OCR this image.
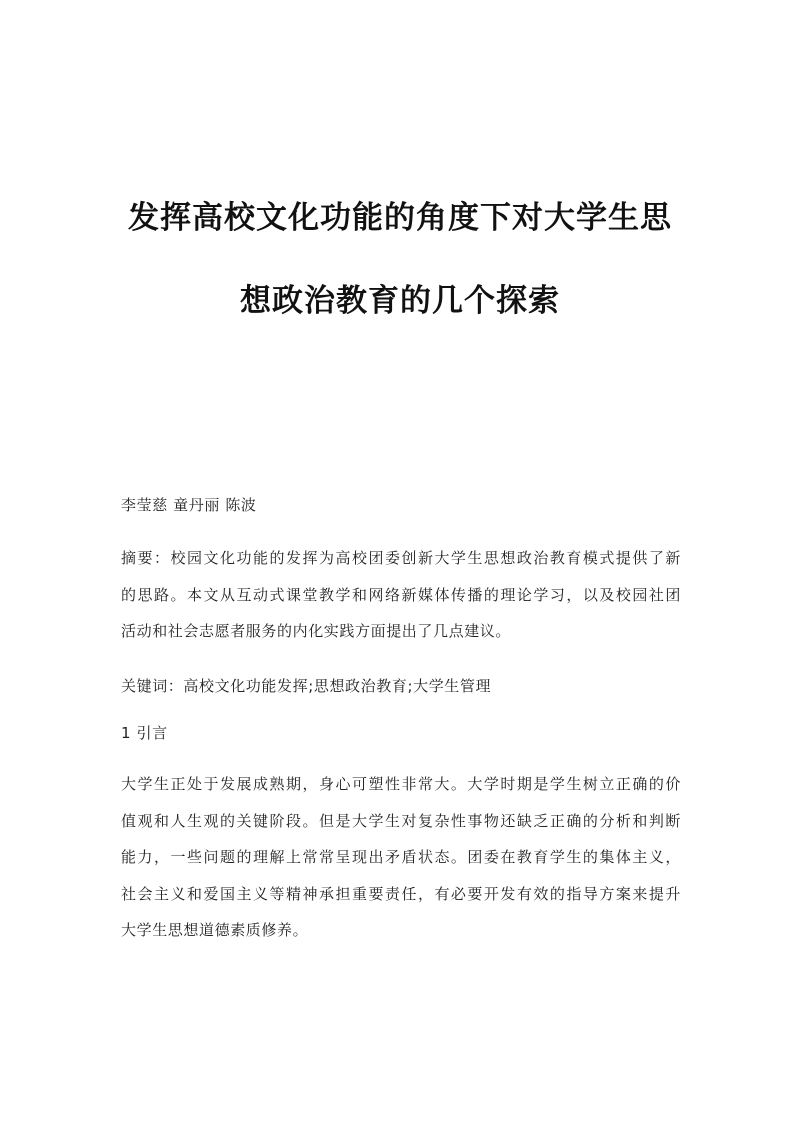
发挥高校文化功能的角度下对大学生思
想政治教育的几个探索
李莹慈 童丹丽 陈波
摘要：校园文化功能的发挥为高校团委创新大学生思想政治教育模式提供了新
的思路。本文从互动式课堂教学和网络新媒体传播的理论学习，以及校园社团
活动和社会志愿者服务的内化实践方面提出了几点建议。
关键词：高校文化功能发挥;思想政治教育;大学生管理
1 引言
大学生正处于发展成熟期，身心可塑性非常大。大学时期是学生树立正确的价
值观和人生观的关键阶段。但是大学生对复杂性事物还缺乏正确的分析和判断
能力，一些问题的理解上常常呈现出矛盾状态。团委在教育学生的集体主义，
社会主义和爱国主义等精神承担重要责任，有必要开发有效的指导方案来提升
大学生思想道德素质修养。
